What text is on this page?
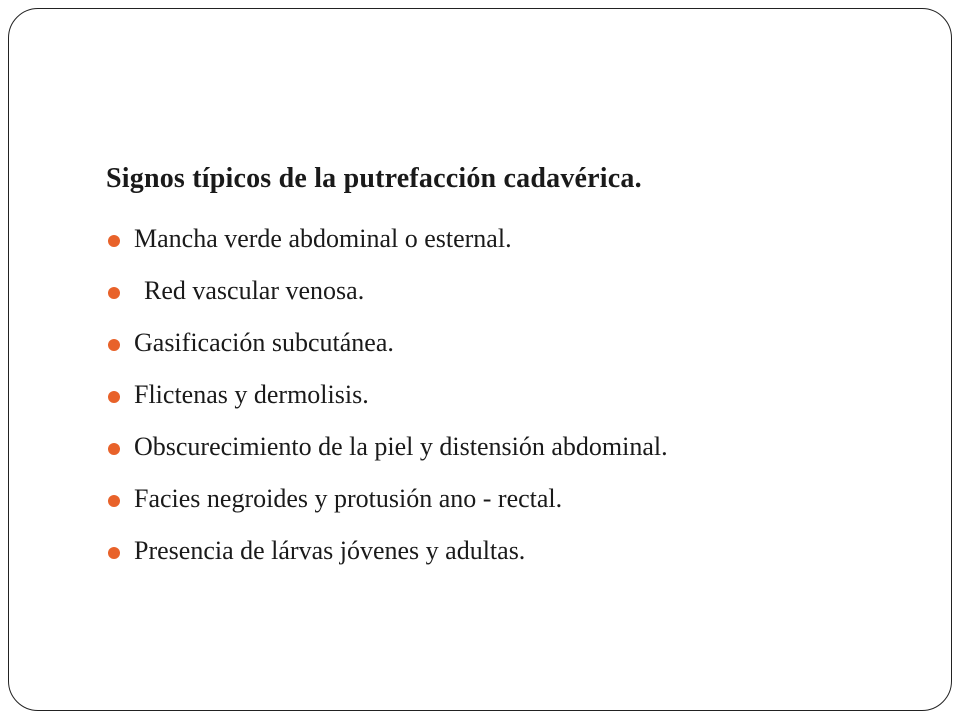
Signos típicos de la putrefacción cadavérica.
Mancha verde abdominal o esternal.
Red vascular venosa.
Gasificación subcutánea.
Flictenas y dermolisis.
Obscurecimiento de la piel y distensión abdominal.
Facies negroides y protusión ano - rectal.
Presencia de lárvas jóvenes y adultas.
